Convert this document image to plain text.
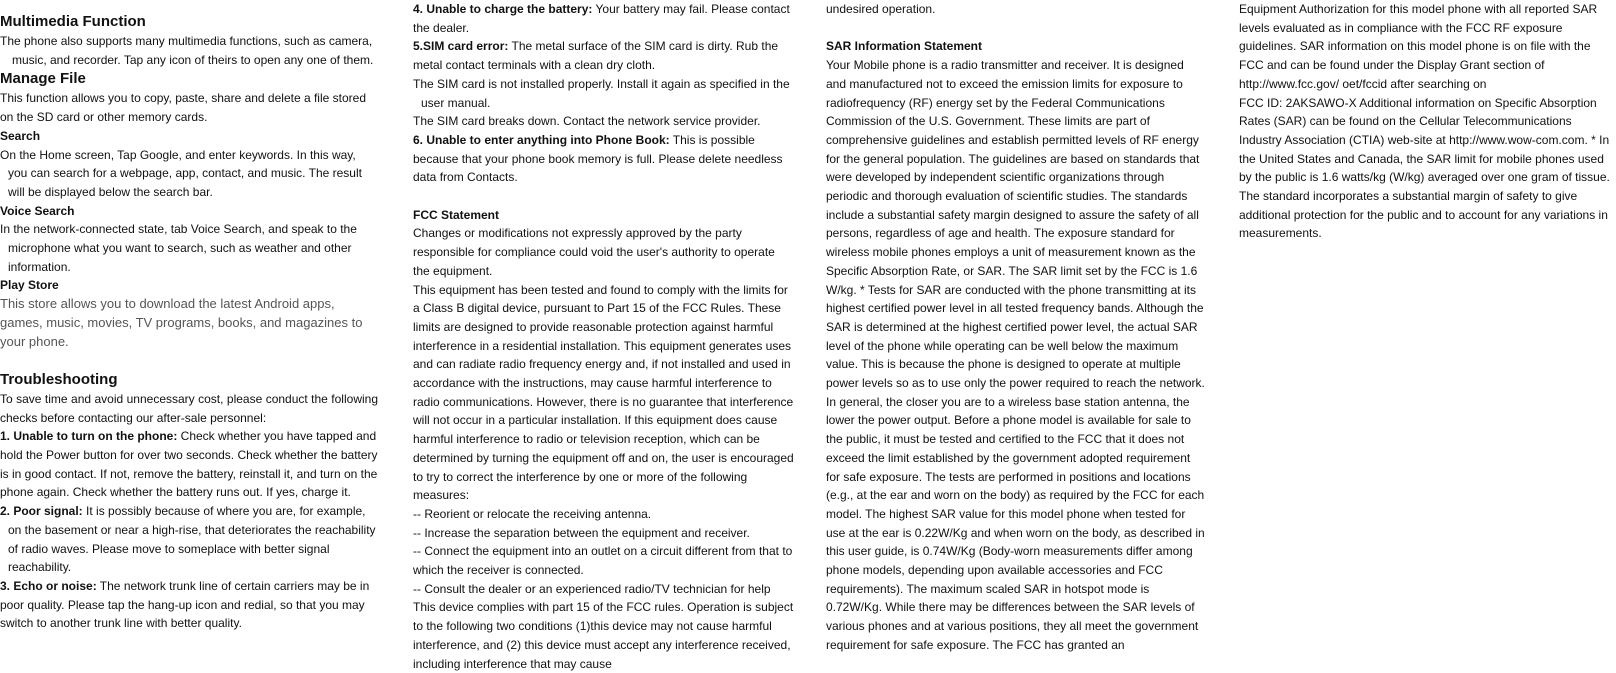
Multimedia Function

The phone also supports many multimedia functions, such as camera, music, and recorder. Tap any icon of theirs to open any one of them.

Manage File

This function allows you to copy, paste, share and delete a file stored on the SD card or other memory cards.

Search

On the Home screen, Tap Google, and enter keywords. In this way, you can search for a webpage, app, contact, and music. The result will be displayed below the search bar.

Voice Search

In the network-connected state, tab Voice Search, and speak to the microphone what you want to search, such as weather and other information.

Play Store

This store allows you to download the latest Android apps, games, music, movies, TV programs, books, and magazines to your phone.

Troubleshooting

To save time and avoid unnecessary cost, please conduct the following checks before contacting our after-sale personnel:

1. Unable to turn on the phone: Check whether you have tapped and hold the Power button for over two seconds. Check whether the battery is in good contact. If not, remove the battery, reinstall it, and turn on the phone again. Check whether the battery runs out. If yes, charge it.

2. Poor signal: It is possibly because of where you are, for example, on the basement or near a high-rise, that deteriorates the reachability of radio waves. Please move to someplace with better signal reachability.

3. Echo or noise: The network trunk line of certain carriers may be in poor quality. Please tap the hang-up icon and redial, so that you may switch to another trunk line with better quality.

4. Unable to charge the battery: Your battery may fail. Please contact the dealer.

5.SIM card error: The metal surface of the SIM card is dirty. Rub the metal contact terminals with a clean dry cloth.

The SIM card is not installed properly. Install it again as specified in the user manual.

The SIM card breaks down. Contact the network service provider.

6. Unable to enter anything into Phone Book: This is possible because that your phone book memory is full. Please delete needless data from Contacts.

FCC Statement

Changes or modifications not expressly approved by the party responsible for compliance could void the user's authority to operate the equipment.

This equipment has been tested and found to comply with the limits for a Class B digital device, pursuant to Part 15 of the FCC Rules. These limits are designed to provide reasonable protection against harmful interference in a residential installation. This equipment generates uses and can radiate radio frequency energy and, if not installed and used in accordance with the instructions, may cause harmful interference to radio communications. However, there is no guarantee that interference will not occur in a particular installation. If this equipment does cause harmful interference to radio or television reception, which can be determined by turning the equipment off and on, the user is encouraged to try to correct the interference by one or more of the following measures:

-- Reorient or relocate the receiving antenna.

-- Increase the separation between the equipment and receiver.

-- Connect the equipment into an outlet on a circuit different from that to which the receiver is connected.

-- Consult the dealer or an experienced radio/TV technician for help

This device complies with part 15 of the FCC rules. Operation is subject to the following two conditions (1)this device may not cause harmful interference, and (2) this device must accept any interference received, including interference that may cause

undesired operation.

SAR Information Statement

Your Mobile phone is a radio transmitter and receiver. It is designed and manufactured not to exceed the emission limits for exposure to radiofrequency (RF) energy set by the Federal Communications Commission of the U.S. Government. These limits are part of comprehensive guidelines and establish permitted levels of RF energy for the general population. The guidelines are based on standards that were developed by independent scientific organizations through periodic and thorough evaluation of scientific studies. The standards include a substantial safety margin designed to assure the safety of all persons, regardless of age and health. The exposure standard for wireless mobile phones employs a unit of measurement known as the Specific Absorption Rate, or SAR. The SAR limit set by the FCC is 1.6 W/kg. * Tests for SAR are conducted with the phone transmitting at its highest certified power level in all tested frequency bands. Although the SAR is determined at the highest certified power level, the actual SAR level of the phone while operating can be well below the maximum value. This is because the phone is designed to operate at multiple power levels so as to use only the power required to reach the network. In general, the closer you are to a wireless base station antenna, the lower the power output. Before a phone model is available for sale to the public, it must be tested and certified to the FCC that it does not exceed the limit established by the government adopted requirement for safe exposure. The tests are performed in positions and locations (e.g., at the ear and worn on the body) as required by the FCC for each model. The highest SAR value for this model phone when tested for use at the ear is 0.22W/Kg and when worn on the body, as described in this user guide, is 0.74W/Kg (Body-worn measurements differ among phone models, depending upon available accessories and FCC requirements). The maximum scaled SAR in hotspot mode is 0.72W/Kg. While there may be differences between the SAR levels of various phones and at various positions, they all meet the government requirement for safe exposure. The FCC has granted an

Equipment Authorization for this model phone with all reported SAR levels evaluated as in compliance with the FCC RF exposure guidelines. SAR information on this model phone is on file with the FCC and can be found under the Display Grant section of http://www.fcc.gov/ oet/fccid after searching on

FCC ID: 2AKSAWO-X Additional information on Specific Absorption Rates (SAR) can be found on the Cellular Telecommunications Industry Association (CTIA) web-site at http://www.wow-com.com. * In the United States and Canada, the SAR limit for mobile phones used by the public is 1.6 watts/kg (W/kg) averaged over one gram of tissue. The standard incorporates a substantial margin of safety to give additional protection for the public and to account for any variations in measurements.
